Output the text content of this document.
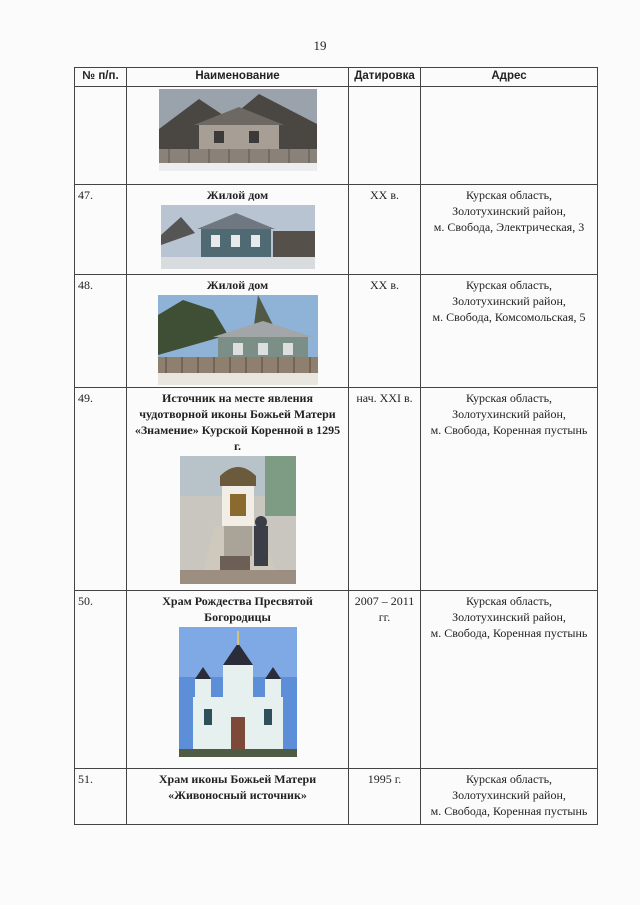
19
№ п/п.	Наименование	Датировка	Адрес

47.	Жилой дом	XX в.	Курская область,
Золотухинский район,
м. Свобода, Электрическая, 3

48.	Жилой дом	XX в.	Курская область,
Золотухинский район,
м. Свобода, Комсомольская, 5

49.	Источник на месте явления чудотворной иконы Божьей Матери «Знамение» Курской Коренной в 1295 г.	нач. XXI в.	Курская область,
Золотухинский район,
м. Свобода, Коренная пустынь

50.	Храм Рождества Пресвятой Богородицы	2007 – 2011 гг.	Курская область,
Золотухинский район,
м. Свобода, Коренная пустынь

51.	Храм иконы Божьей Матери «Живоносный источник»	1995 г.	Курская область,
Золотухинский район,
м. Свобода, Коренная пустынь
